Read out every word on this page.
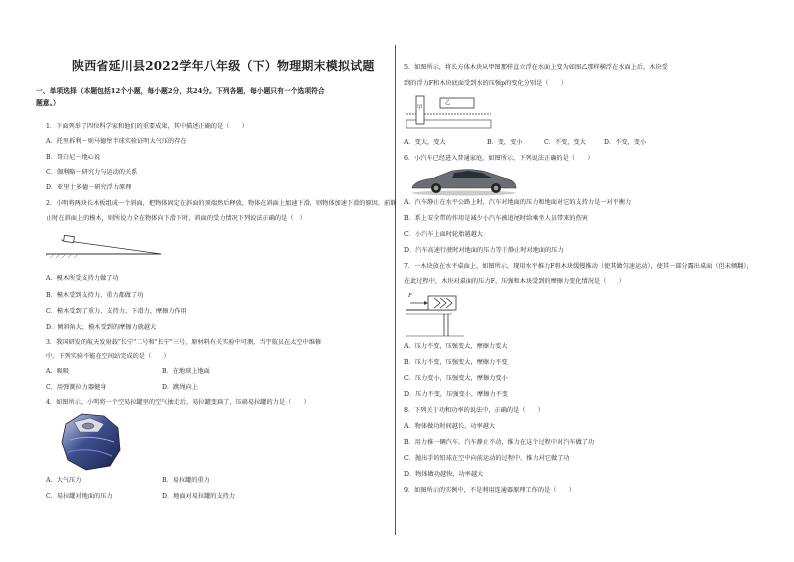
陕西省延川县2022学年八年级（下）物理期末模拟试题
一、单项选择（本题包括12个小题，每小题2分，共24分。下列各题，每小题只有一个选项符合
题意。）
1．下面列举了四位科学家和他们的重要成果，其中描述正确的是（　　）
A．托里拆利－则马德堡半球实验证明大气压的存在
B．哥白尼－地心说
C．伽利略－研究力与运动的关系
D．亚里士多德－研究浮力原理
2．小明将两块长木板组成一个斜面，把物体固定在斜面的顶端然后释放，物体在斜面上加速下滑，则物体加速下滑的原因，前静
止时在斜面上的模木，则所说力全在物体向下滑下时，斜面的受力情况下列说法正确的是（　）
A．模木所受支持力做了功
B．模木受到支持力、重力都做了功
C．模木受到了重力、支持力、下滑力、摩擦力作用
D．倾斜角大，模木受到的摩擦力就越大
3．我国研发的航天发射载"长宁"二号和"长宁"三号，原材料有关实验中可测，当宇航员在太空中维修
中，下列实验不能在空间站完成的是（　　）
A．吸吸	B．在地球上地面
C．用弹簧拉力器健身	D．跳绳向上
4．如图所示，小明将一个空易拉罐里的空气抽走后，易拉罐变扁了，压扁易拉罐的力是（　　）
A．大气压力	B．易拉罐的重力
C．易拉罐对地面的压力	D．地面对易拉罐的支持力
5．如图所示，将长方体木块从甲图那样直立浮在水面上变为如图乙那样横浮在水面上后，木块受
到的浮力F和木块底面受到水的压强p的变化分别是（　　）
甲
乙
A．变大，变大	B．变，变小	C．不变，变大	D．不变，变小
6．小汽车已经进入普通家庭，如图所示，下列说法正确的是（　　）
A．汽车静止在水平公路上时，汽车对地面的压力和地面对它的支持力是一对平衡力
B．系上安全带的作用是减少小汽车被追尾时给乘坐人员带来的伤害
C．小汽车上面时轮胎越越大
D．汽车高速行驶时对地面的压力等于静止时对地面的压力
7．一木块放在水平桌面上，如图所示，现用水平推力F将木块缓慢推动（使其做匀速运动），使其一部分露出桌面（但未倾翻），
在此过程中，木块对桌面的压力F、压强和木块受到的摩擦力变化情况是（　　）
F
A．压力不变，压强变大，摩擦力变大
B．压力不变，压强变大，摩擦力不变
C．压力变小，压强变大，摩擦力变小
D．压力不变，压强变小，摩擦力不变
8．下列关于功和功率的说法中，正确的是（　　）
A．物体做功时间越长，功率越大
B．用力推一辆汽车，汽车静止不动，推力在这个过程中对汽车做了功
C．抛出手的铅球在空中向前运动的过程中，推力对它做了功
D．物体做功越快，功率越大
9．如图所示的实例中，不是利用连通器原理工作的是（　　）
